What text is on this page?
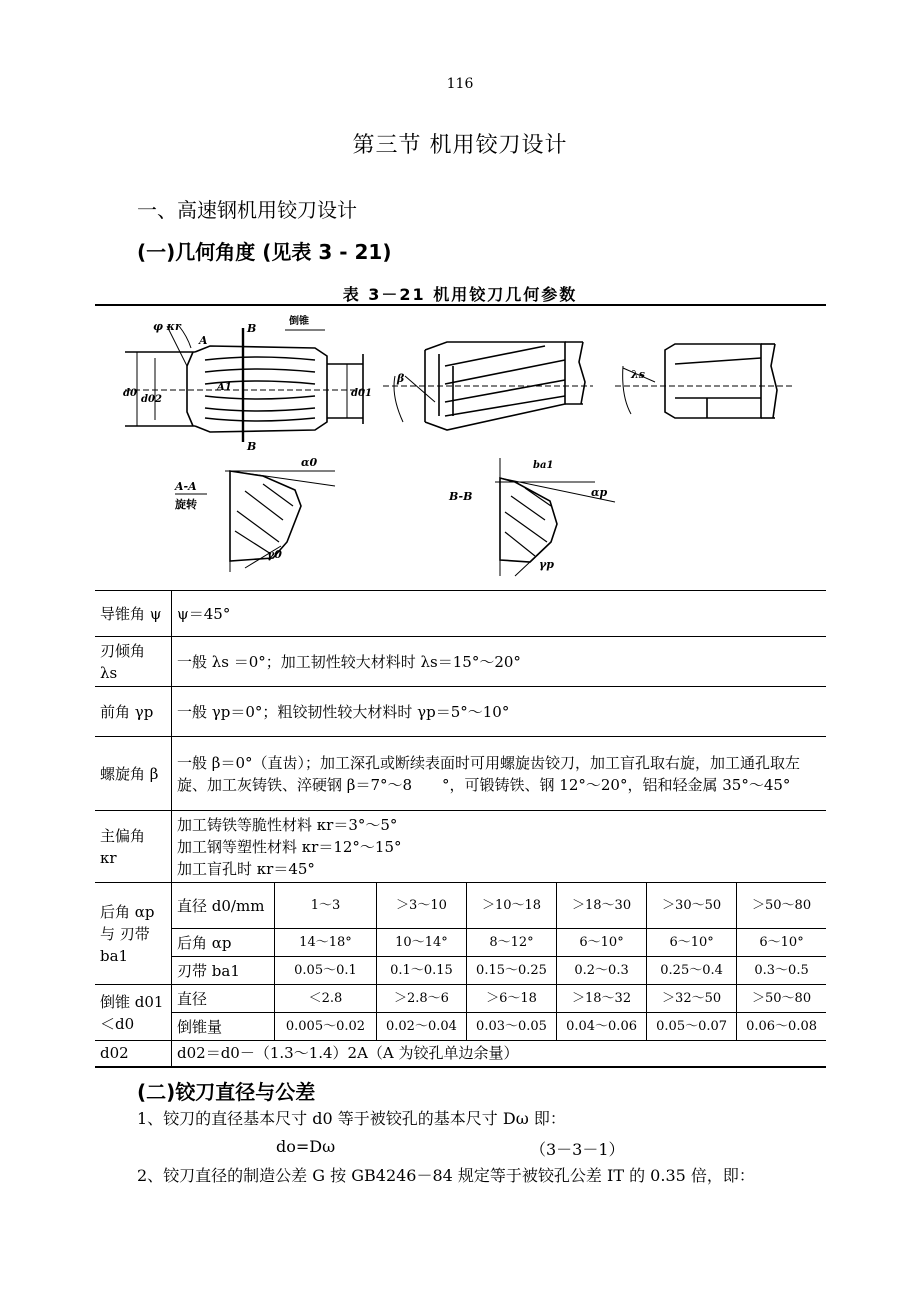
116
第三节 机用铰刀设计
一、高速钢机用铰刀设计
(一)几何角度 (见表 3 - 21)
表 3－21 机用铰刀几何参数
φ κr
A
B
B
倒锥
d0
d02
d01
A1
β	λs
A-A
旋转
α0
γ0
B-B
ba1
αp
γp
导锥角 ψ	ψ＝45°						
刃倾角 λs	一般 λs ＝0°；加工韧性较大材料时 λs＝15°～20°						
前角 γp	一般 γp＝0°；粗铰韧性较大材料时 γp＝5°～10°						
螺旋角 β	一般 β＝0°（直齿）；加工深孔或断续表面时可用螺旋齿铰刀，加工盲孔取右旋，加工通孔取左旋、加工灰铸铁、淬硬钢 β＝7°～8　　°，可锻铸铁、钢 12°～20°，铝和轻金属 35°～45°						
主偏角 κr	加工铸铁等脆性材料 κr＝3°～5°
加工钢等塑性材料 κr＝12°～15°
加工盲孔时 κr＝45°						

后角 αp与 刃带 ba1	直径 d0/mm	1～3	＞3～10	＞10～18	＞18～30	＞30～50	＞50～80
	后角 αp	14～18°	10～14°	8～12°	6～10°	6～10°	6～10°
	刃带 ba1	0.05～0.1	0.1～0.15	0.15～0.25	0.2～0.3	0.25～0.4	0.3～0.5
倒锥 d01＜d0	直径	＜2.8	＞2.8～6	＞6～18	＞18～32	＞32～50	＞50～80
	倒锥量	0.005～0.02	0.02～0.04	0.03～0.05	0.04～0.06	0.05～0.07	0.06～0.08
d02	d02＝d0－（1.3～1.4）2A（A 为铰孔单边余量）						
(二)铰刀直径与公差
1、铰刀的直径基本尺寸 d0 等于被铰孔的基本尺寸 Dω 即：
do=Dω	（3－3－1）
2、铰刀直径的制造公差 G 按 GB4246－84 规定等于被铰孔公差 IT 的 0.35 倍，即：
